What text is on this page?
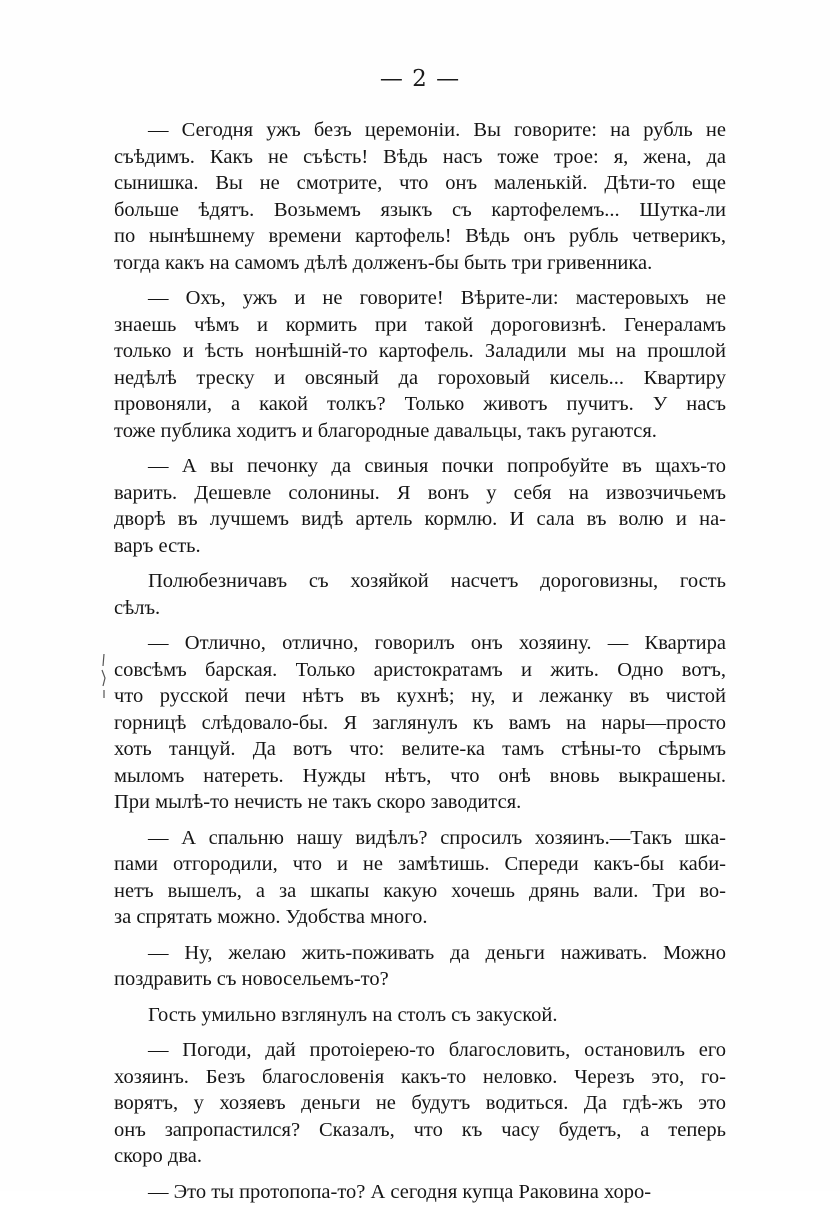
— 2 —
— Сегодня ужъ безъ церемоніи. Вы говорите: на рубль не
съѣдимъ. Какъ не съѣсть! Вѣдь насъ тоже трое: я, жена, да
сынишка. Вы не смотрите, что онъ маленькій. Дѣти-то еще
больше ѣдятъ. Возьмемъ языкъ съ картофелемъ... Шутка-ли
по нынѣшнему времени картофель! Вѣдь онъ рубль четверикъ,
тогда какъ на самомъ дѣлѣ долженъ-бы быть три гривенника.
— Охъ, ужъ и не говорите! Вѣрите-ли: мастеровыхъ не
знаешь чѣмъ и кормить при такой дороговизнѣ. Генераламъ
только и ѣсть нонѣшній-то картофель. Заладили мы на прошлой
недѣлѣ треску и овсяный да гороховый кисель... Квартиру
провоняли, а какой толкъ? Только животъ пучитъ. У насъ
тоже публика ходитъ и благородные давальцы, такъ ругаются.
— А вы печонку да свиныя почки попробуйте въ щахъ-то
варить. Дешевле солонины. Я вонъ у себя на извозчичьемъ
дворѣ въ лучшемъ видѣ артель кормлю. И сала въ волю и на-
варъ есть.
Полюбезничавъ съ хозяйкой насчетъ дороговизны, гость
сѣлъ.
— Отлично, отлично, говорилъ онъ хозяину. — Квартира
совсѣмъ барская. Только аристократамъ и жить. Одно вотъ,
что русской печи нѣтъ въ кухнѣ; ну, и лежанку въ чистой
горницѣ слѣдовало-бы. Я заглянулъ къ вамъ на нары—просто
хоть танцуй. Да вотъ что: велите-ка тамъ стѣны-то сѣрымъ
мыломъ натереть. Нужды нѣтъ, что онѣ вновь выкрашены.
При мылѣ-то нечисть не такъ скоро заводится.
— А спальню нашу видѣлъ? спросилъ хозяинъ.—Такъ шка-
пами отгородили, что и не замѣтишь. Спереди какъ-бы каби-
нетъ вышелъ, а за шкапы какую хочешь дрянь вали. Три во-
за спрятать можно. Удобства много.
— Ну, желаю жить-поживать да деньги наживать. Можно
поздравить съ новосельемъ-то?
Гость умильно взглянулъ на столъ съ закуской.
— Погоди, дай протоіерею-то благословить, остановилъ его
хозяинъ. Безъ благословенія какъ-то неловко. Черезъ это, го-
ворятъ, у хозяевъ деньги не будутъ водиться. Да гдѣ-жъ это
онъ запропастился? Сказалъ, что къ часу будетъ, а теперь
скоро два.
— Это ты протопопа-то? А сегодня купца Раковина хоро-
